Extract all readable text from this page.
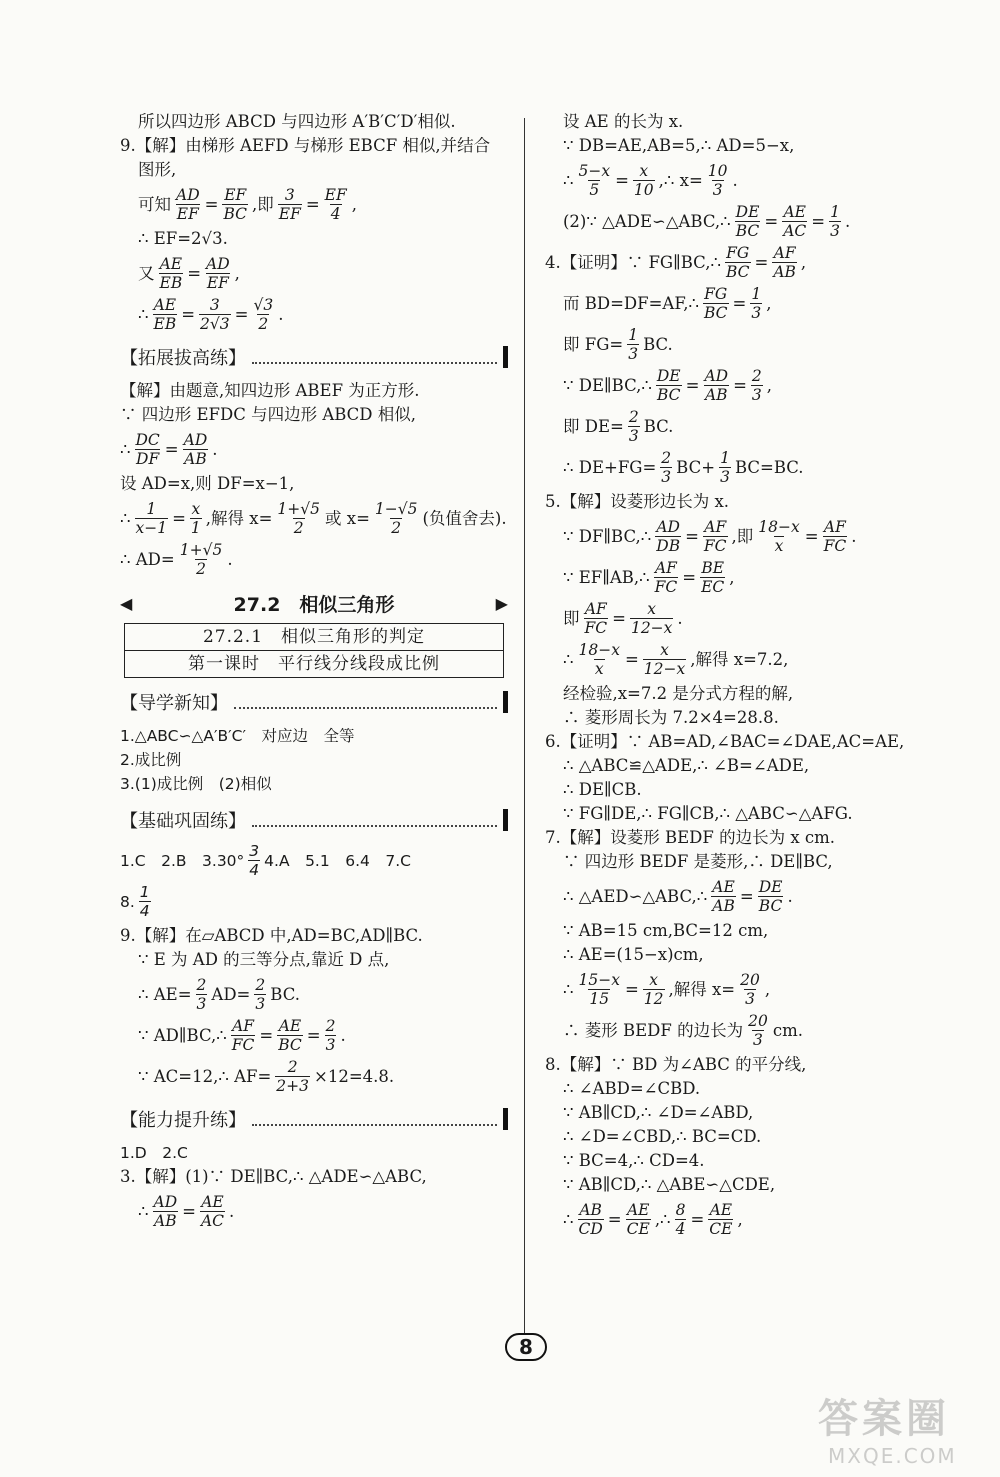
所以四边形 ABCD 与四边形 A′B′C′D′相似.
9.【解】由梯形 AEFD 与梯形 EBCF 相似,并结合
图形,
可知 AD
EF
= EF
BC
,即 3
EF
= EF
4
,
∴ EF=2√3.
又 AE
EB
= AD
EF
,
∴ AE
EB
= 3
2√3
= √3
2
.
【拓展拔高练】
【解】由题意,知四边形 ABEF 为正方形.
∵ 四边形 EFDC 与四边形 ABCD 相似,
∴ DC
DF
= AD
AB
.
设 AD=x,则 DF=x−1,
∴ 1
x−1
= x
1
,解得 $x= \frac{1+√5}{2}$ 或 $x= \frac{1-√5}{2}$ (负值舍去).
∴ $AD= \frac{1+√5}{2}$ .
◀	27.2　相似三角形	▶
27.2.1　相似三角形的判定
第一课时　平行线分线段成比例
【导学新知】
1.△ABC∽△A′B′C′　对应边　全等
2.成比例
3.(1)成比例　(2)相似
【基础巩固练】
1.C　2.B　3.30°
3
4
4.A　5.1　6.4　7.C
8.
1
4
9.【解】在▱ABCD 中,AD=BC,AD∥BC.
∵ E 为 AD 的三等分点,靠近 D 点,
∴ $AE= \frac{2}{3} AD= \frac{2}{3}$ BC.
∵ AD∥BC,∴ AF
FC
= AE
BC
= 2
3
.
∵ AC=12,∴ $AF= \frac{2}{2+3} \times 12=4.8$.
【能力提升练】
1.D　2.C
3.【解】(1)∵ DE∥BC,∴ △ADE∽△ABC,
∴ AD
AB
= AE
AC
.
设 AE 的长为 x.
∵ DB=AE,AB=5,∴ AD=5−x,
∴ 5−x
5
= x
10
,∴ $x= \frac{10}{3}$ .
(2)∵ △ADE∽△ABC,∴ DE
BC
= AE
AC
= 1
3
.
4.【证明】∵ FG∥BC,∴ FG
BC
= AF
AB
,
而 BD=DF=AF,∴ FG
BC
= 1
3
,
即 $FG= \frac{1}{3}$ BC.
∵ DE∥BC,∴ DE
BC
= AD
AB
= 2
3
,
即 $DE= \frac{2}{3}$ BC.
∴ $DE+FG= \frac{2}{3} BC+ \frac{1}{3} BC=BC$.
5.【解】设菱形边长为 x.
∵ DF∥BC,∴ AD
DB
= AF
FC
,即 18−x
x
= AF
FC
.
∵ EF∥AB,∴ AF
FC
= BE
EC
,
即 AF
FC
= x
12−x
.
∴ 18−x
x
= x
12−x
,解得 x=7.2,
经检验,x=7.2 是分式方程的解,
∴ 菱形周长为 7.2×4=28.8.
6.【证明】∵ AB=AD,∠BAC=∠DAE,AC=AE,
∴ △ABC≌△ADE,∴ ∠B=∠ADE,
∴ DE∥CB.
∵ FG∥DE,∴ FG∥CB,∴ △ABC∽△AFG.
7.【解】设菱形 BEDF 的边长为 x cm.
∵ 四边形 BEDF 是菱形,∴ DE∥BC,
∴ △AED∽△ABC,∴ AE
AB
= DE
BC
.
∵ AB=15 cm,BC=12 cm,
∴ AE=(15−x)cm,
∴ 15−x
15
= x
12
,解得 $x= \frac{20}{3}$ ,
∴ 菱形 BEDF 的边长为 20
3
cm.
8.【解】∵ BD 为∠ABC 的平分线,
∴ ∠ABD=∠CBD.
∵ AB∥CD,∴ ∠D=∠ABD,
∴ ∠D=∠CBD,∴ BC=CD.
∵ BC=4,∴ CD=4.
∵ AB∥CD,∴ △ABE∽△CDE,
∴ AB
CD
= AE
CE
,∴ 8
4
= AE
CE
,
8
答案圈
MXQE.COM
